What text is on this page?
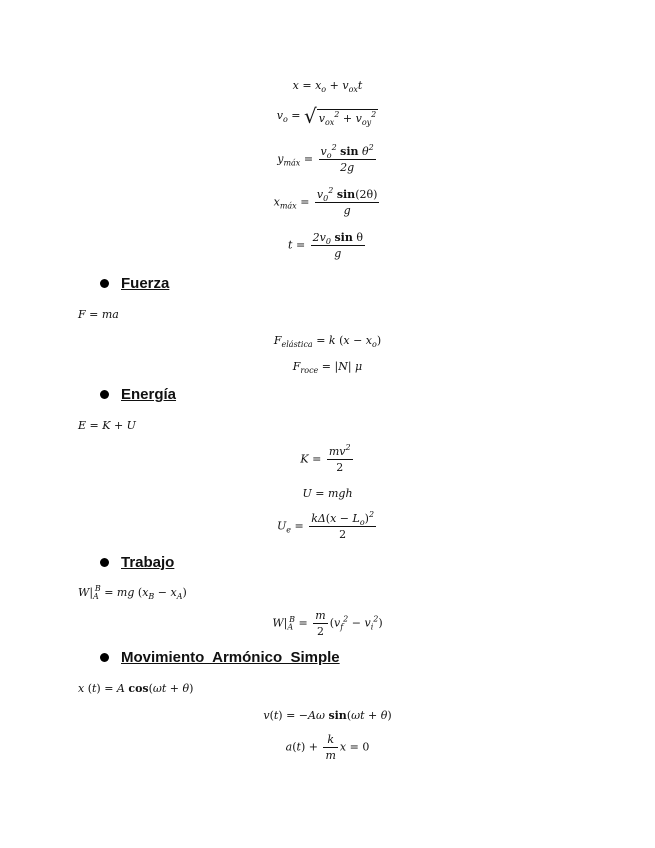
$x = x_o + v_{ox}t$
$v_o$ = √ $v_{ox}^2 + v_{oy}^2$
$y_{máx} = \frac{v_o^2 \sin \theta^2}{2g}$
$x_{máx} = \frac{v_0^2 \sin(2\theta)}{g}$
$t = \frac{2v_0 \sin \theta}{g}$
Fuerza
F = ma
$F_{elástica} = k$ $(x - x_o)$
$F_{roce} = |N|$ μ
Energía
E = K + U
$K = \frac{mv^2}{2}$
U = mgh
$U_e = \frac{k\Delta(x - L_o)^2}{2}$
Trabajo
$W|_A^B$ = mg $(x_B - x_A)$
$W|_A^B = \frac{m}{2} (v_f^2 - v_i^2)$
Movimiento  Armónico  Simple
x (t) = A cos(ωt + θ)
v(t) = −Aω sin(ωt + θ)
$a(t) + \frac{k}{m}$ x = 0
